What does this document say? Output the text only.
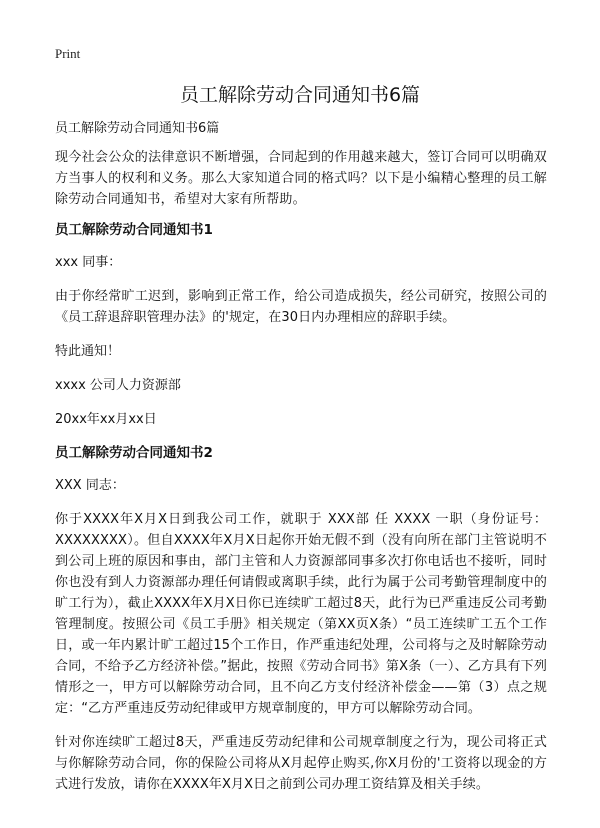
Print
员工解除劳动合同通知书6篇

员工解除劳动合同通知书6篇

现今社会公众的法律意识不断增强，合同起到的作用越来越大，签订合同可以明确双方当事人的权利和义务。那么大家知道合同的格式吗？以下是小编精心整理的员工解除劳动合同通知书，希望对大家有所帮助。

员工解除劳动合同通知书1

xxx 同事：

由于你经常旷工迟到，影响到正常工作，给公司造成损失，经公司研究，按照公司的《员工辞退辞职管理办法》的'规定，在30日内办理相应的辞职手续。

特此通知！

xxxx 公司人力资源部

20xx年xx月xx日

员工解除劳动合同通知书2

XXX 同志：

你于XXXX年X月X日到我公司工作，就职于 XXX部 任 XXXX 一职（身份证号：XXXXXXXX）。但自XXXX年X月X日起你开始无假不到（没有向所在部门主管说明不到公司上班的原因和事由，部门主管和人力资源部同事多次打你电话也不接听，同时你也没有到人力资源部办理任何请假或离职手续，此行为属于公司考勤管理制度中的旷工行为），截止XXXX年X月X日你已连续旷工超过8天，此行为已严重违反公司考勤管理制度。按照公司《员工手册》相关规定（第XX页X条）“员工连续旷工五个工作日，或一年内累计旷工超过15个工作日，作严重违纪处理，公司将与之及时解除劳动合同，不给予乙方经济补偿。”据此，按照《劳动合同书》第X条（一）、乙方具有下列情形之一，甲方可以解除劳动合同，且不向乙方支付经济补偿金——第（3）点之规定：“乙方严重违反劳动纪律或甲方规章制度的，甲方可以解除劳动合同。

针对你连续旷工超过8天，严重违反劳动纪律和公司规章制度之行为，现公司将正式与你解除劳动合同，你的保险公司将从X月起停止购买,你X月份的'工资将以现金的方式进行发放，请你在XXXX年X月X日之前到公司办理工资结算及相关手续。
